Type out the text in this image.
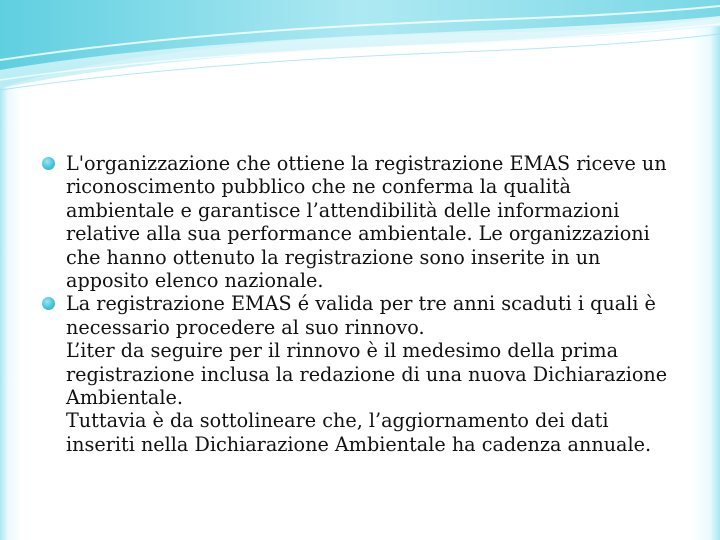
L'organizzazione che ottiene la registrazione EMAS riceve un riconoscimento pubblico che ne conferma la qualità ambientale e garantisce l’attendibilità delle informazioni relative alla sua performance ambientale. Le organizzazioni che hanno ottenuto la registrazione sono inserite in un apposito elenco nazionale.
La registrazione EMAS é valida per tre anni scaduti i quali è necessario procedere al suo rinnovo.
L’iter da seguire per il rinnovo è il medesimo della prima registrazione inclusa la redazione di una nuova Dichiarazione Ambientale.
Tuttavia è da sottolineare che, l’aggiornamento dei dati inseriti nella Dichiarazione Ambientale ha cadenza annuale.
